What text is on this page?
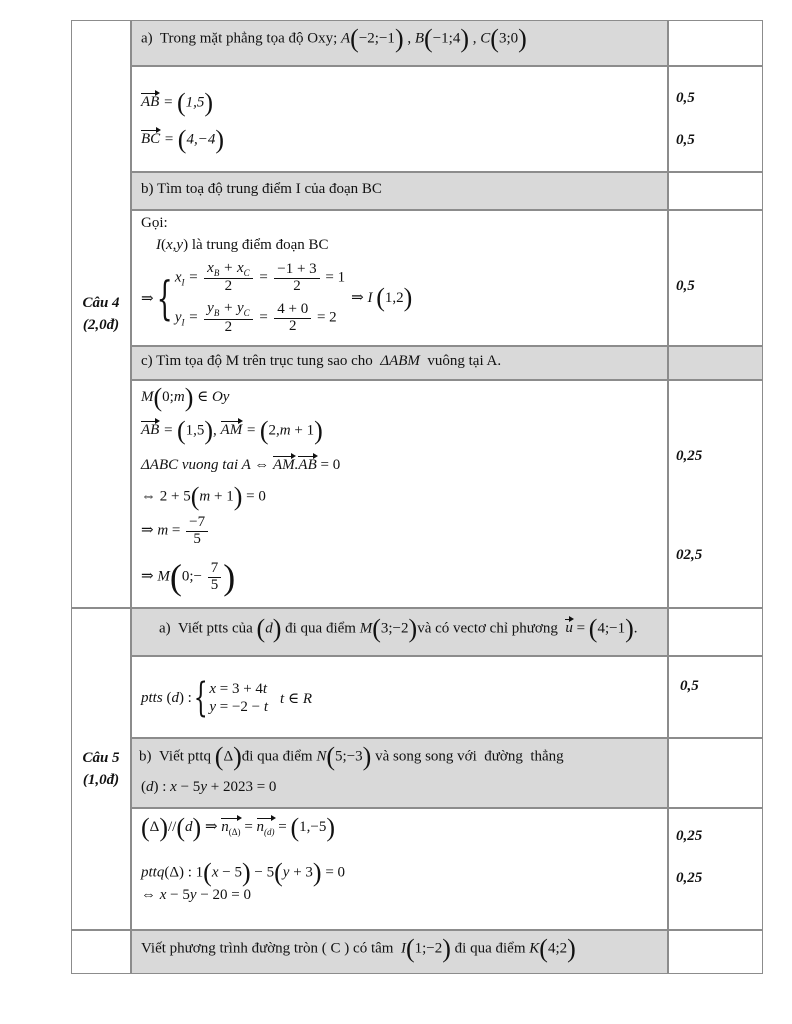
Câu 4
(2,0đ)
a)  Trong mặt phẳng tọa độ Oxy; A(−2;−1) , B(−1;4) , C(3;0)
AB = (1,5)
BC = (4,−4)
0,5
0,5
b) Tìm toạ độ trung điểm I của đoạn BC
Gọi:
I(x,y) là trung điểm đoạn BC
⇒ { $x_I = \frac{x_B + x_C}{2} = \frac{-1 + 3}{2} = 1$
$y_I = \frac{y_B + y_C}{2} = \frac{4 + 0}{2} = 2$
⇒ I (1,2)	0,5
c) Tìm tọa độ M trên trục tung sao cho  ΔABM  vuông tại A.
M(0;m) ∈ Oy
AB = (1,5), AM = (2,m + 1)
ΔABC vuong tai A ⇔ AM.AB = 0
⇔ 2 + 5(m + 1) = 0
⇒ $m = \frac{-7}{5}$
⇒ M(0;− $\frac{7}{5}$ )
0,25
02,5
Câu 5
(1,0đ)
a)  Viết ptts của (d) đi qua điểm M(3;−2)và có vectơ chỉ phương  u = (4;−1).
ptts (d) : { x = 3 + 4t
y = −2 − t t ∈ R
0,5
b)  Viết pttq (Δ)đi qua điểm N(5;−3) và song song với  đường  thẳng
(d) : x − 5y + 2023 = 0
(Δ)//(d) ⇒ $n_{(\Delta)} = n_{(d)} = (1,-5)$
pttq(Δ) : 1(x − 5) − 5(y + 3) = 0
⇔ x − 5y − 20 = 0
0,25
0,25
Viết phương trình đường tròn ( C ) có tâm  I(1;−2) đi qua điểm K(4;2)
